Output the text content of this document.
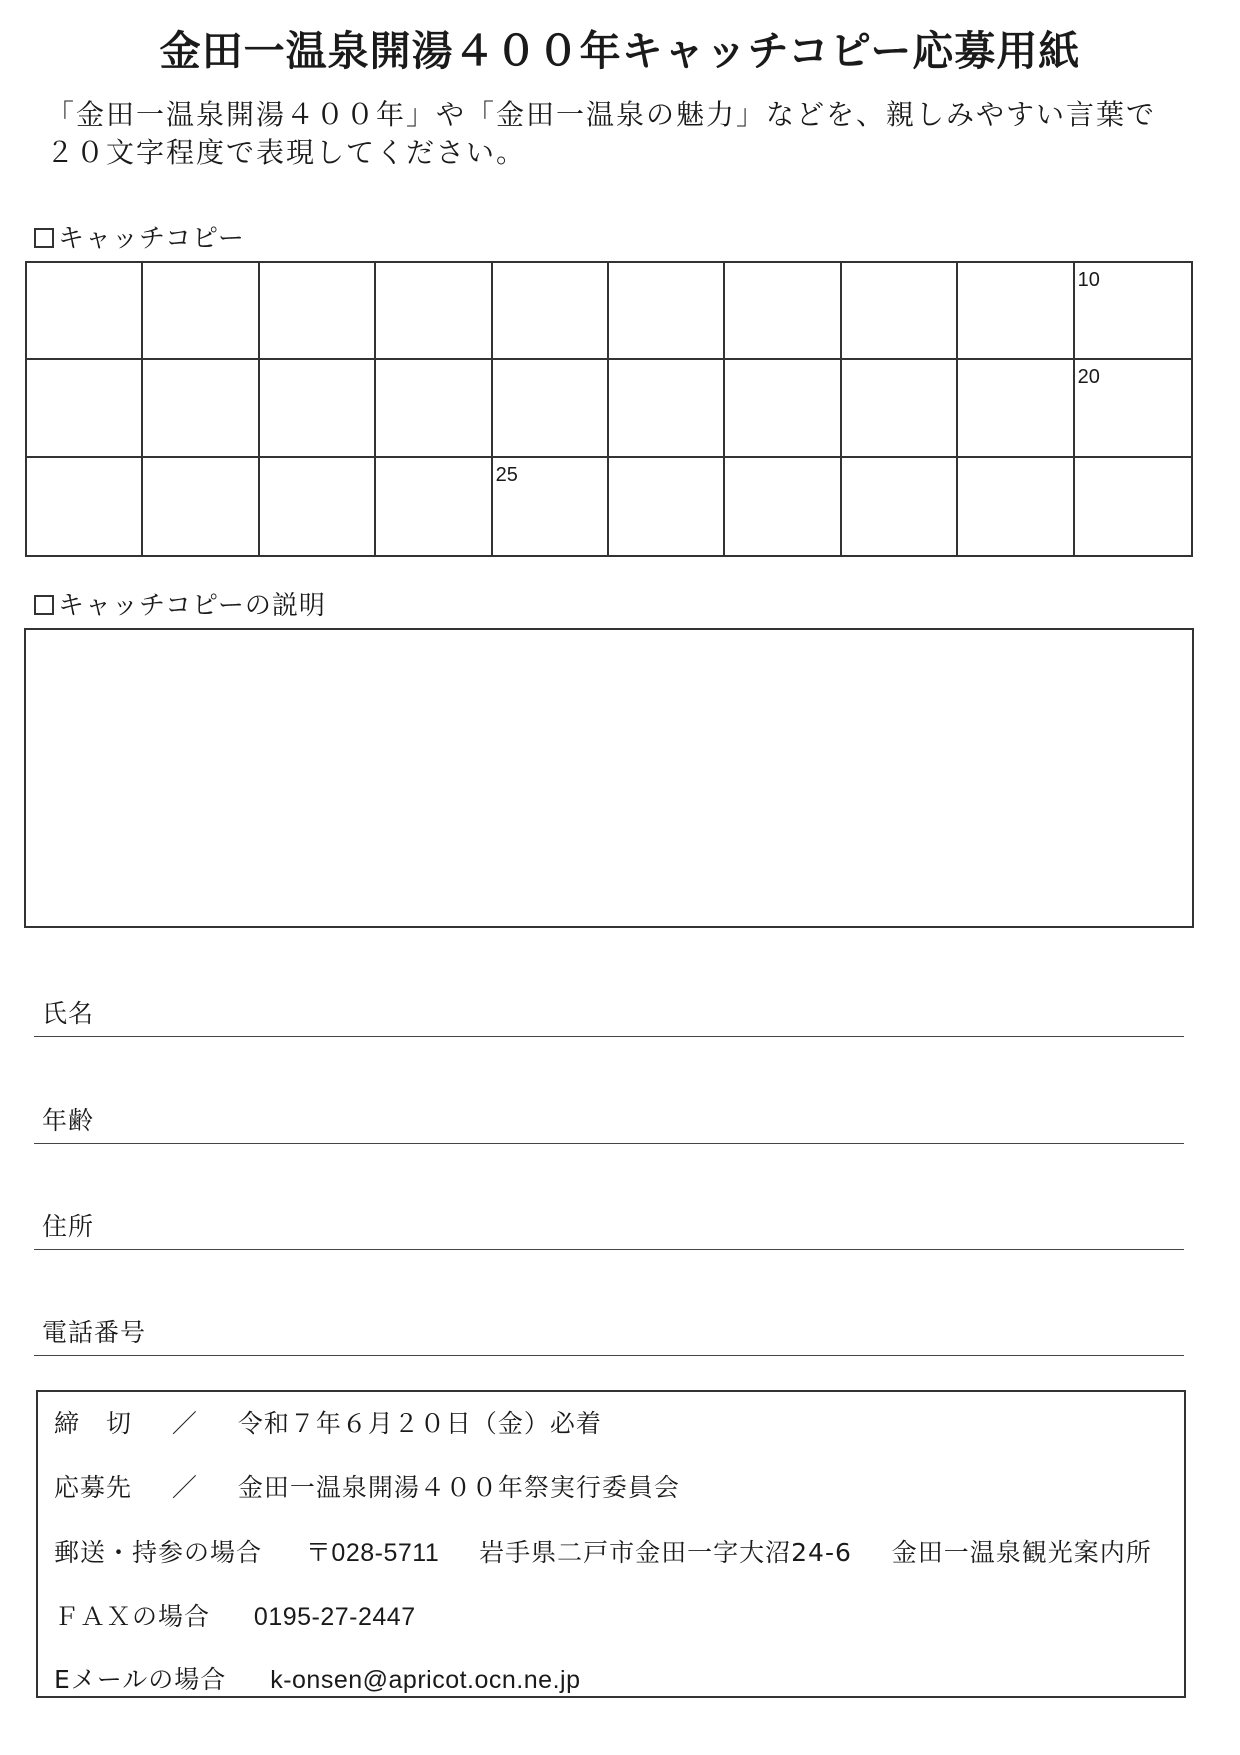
金田一温泉開湯４００年キャッチコピー応募用紙
「金田一温泉開湯４００年」や「金田一温泉の魅力」などを、親しみやすい言葉で
２０文字程度で表現してください。
キャッチコピー
10
20
25
キャッチコピーの説明
氏名
年齢
住所
電話番号
締　切 ／ 令和７年６月２０日（金）必着
応募先 ／ 金田一温泉開湯４００年祭実行委員会
郵送・持参の場合 〒028-5711 岩手県二戸市金田一字大沼24-6 金田一温泉観光案内所
ＦＡＸの場合 0195-27-2447
Eメールの場合 k-onsen@apricot.ocn.ne.jp
